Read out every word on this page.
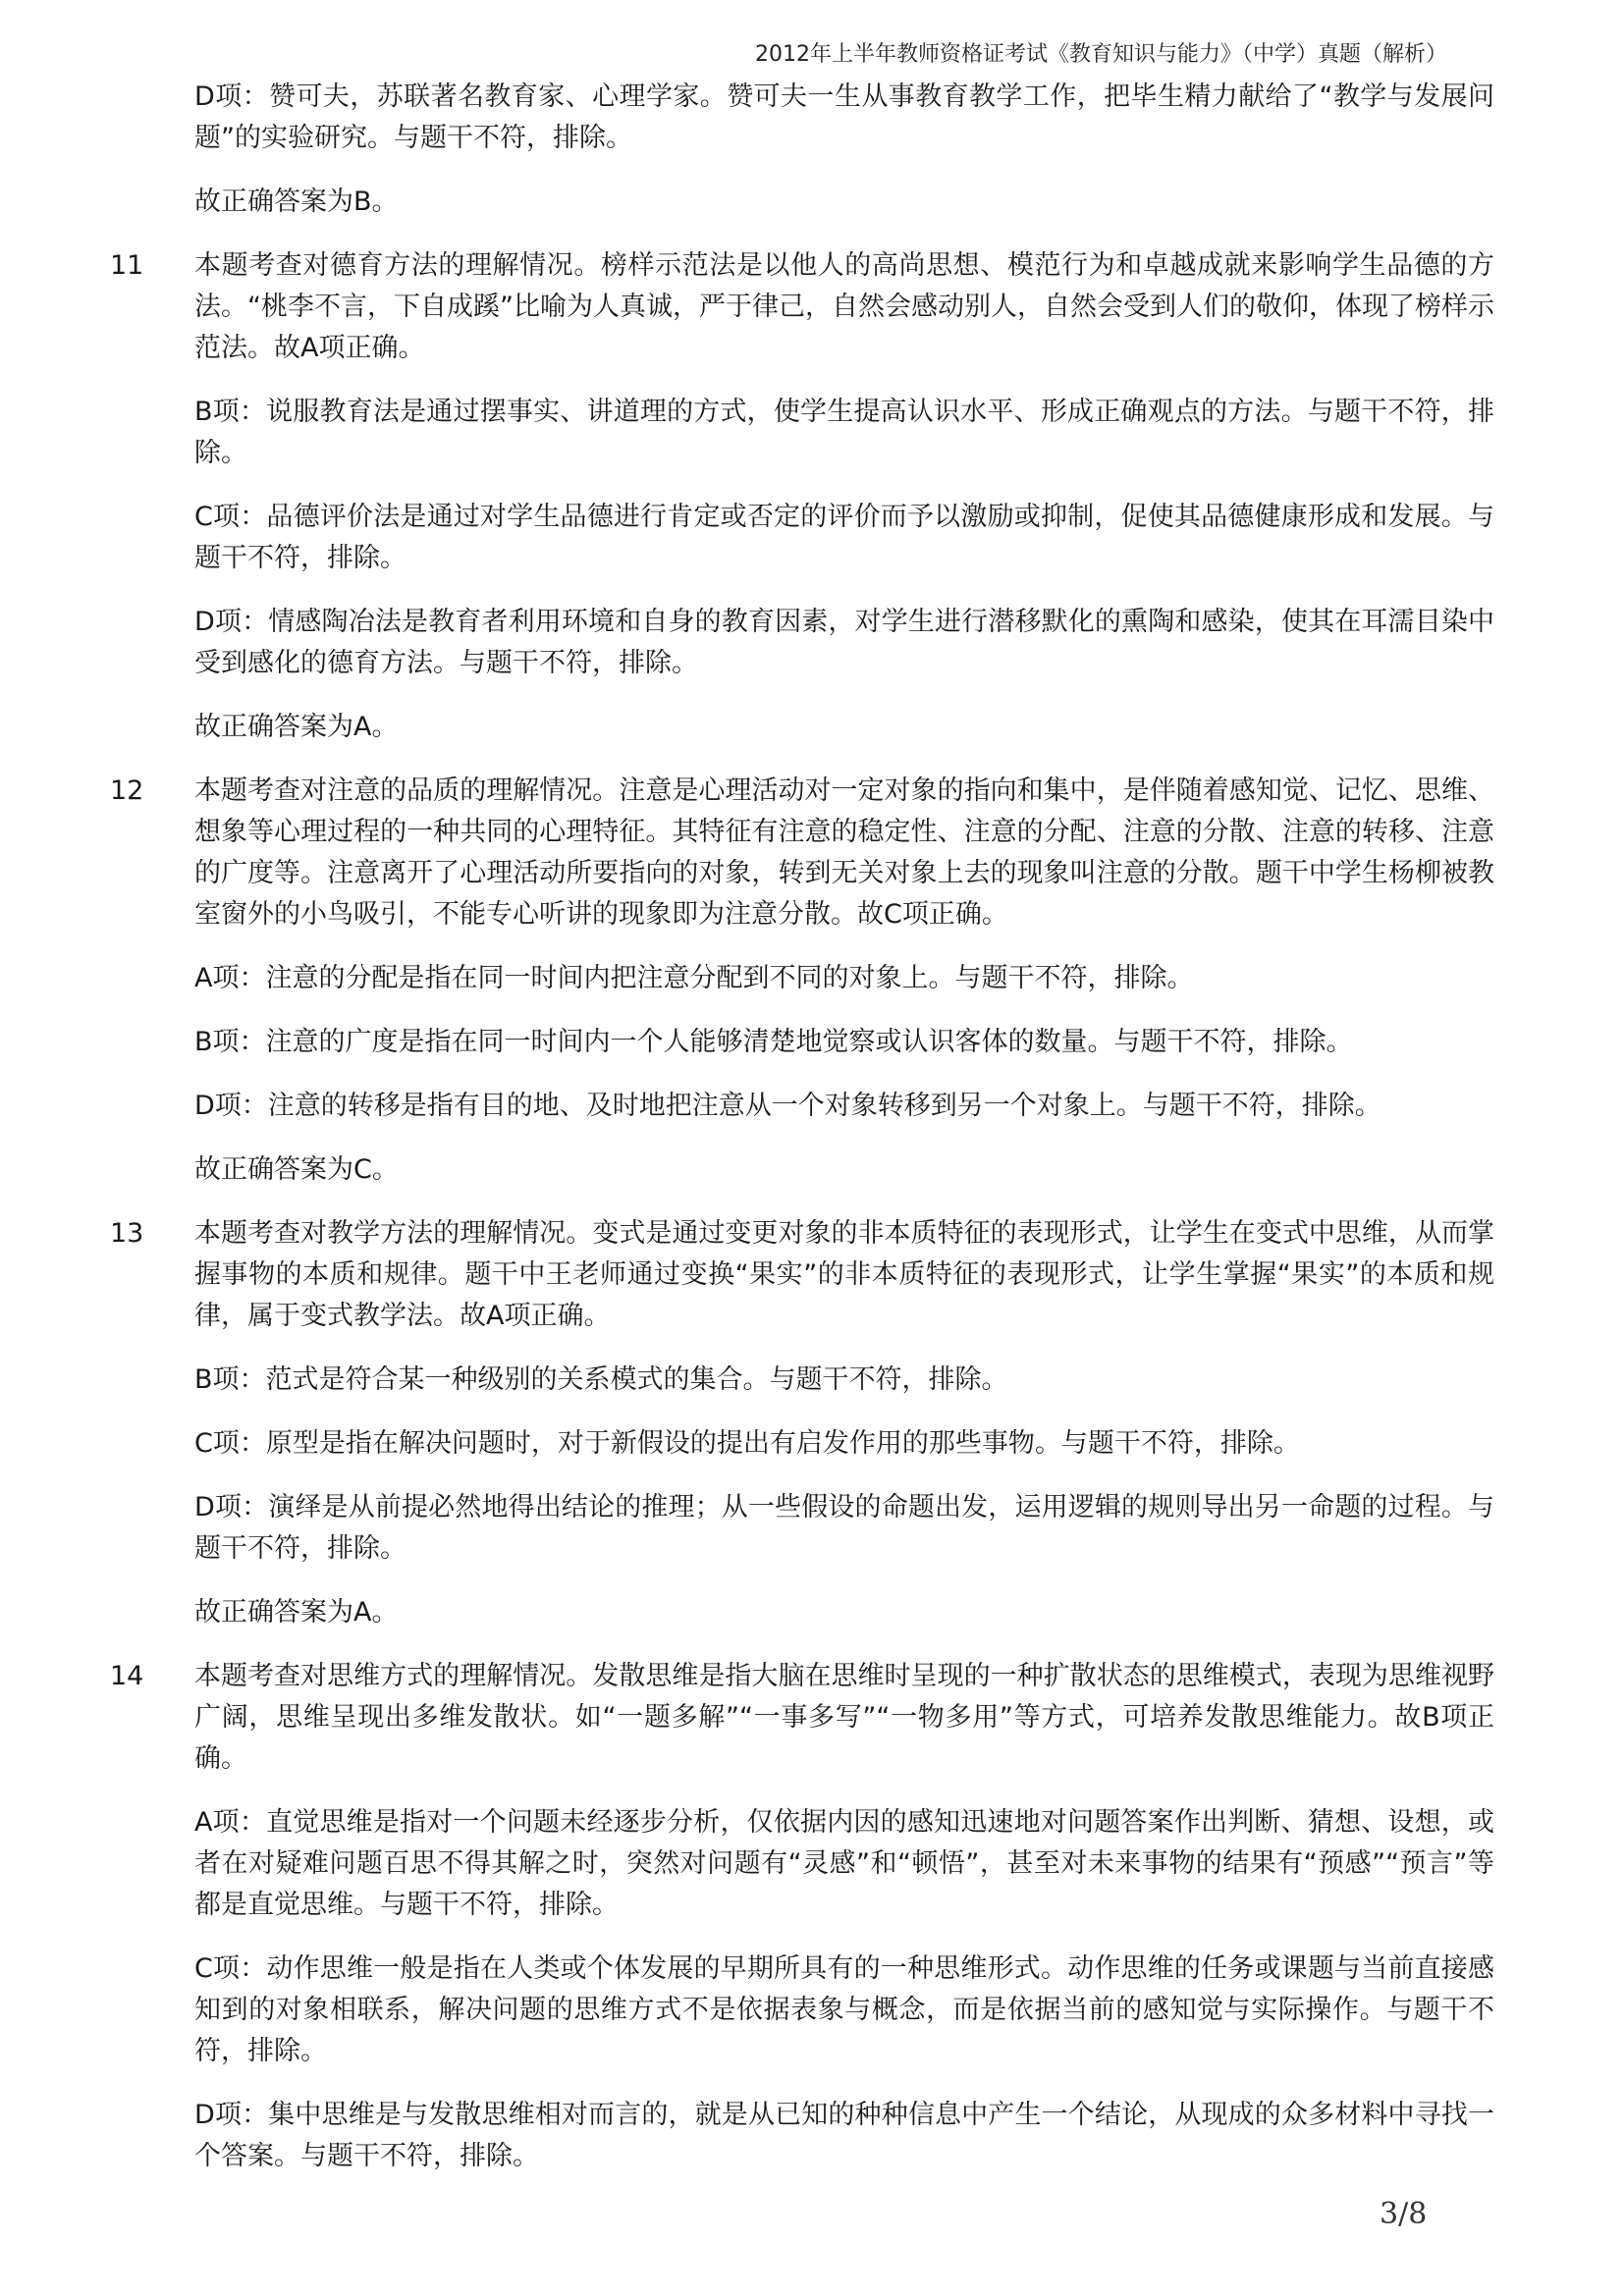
2012年上半年教师资格证考试《教育知识与能力》（中学）真题（解析）
D项：赞可夫，苏联著名教育家、心理学家。赞可夫一生从事教育教学工作，把毕生精力献给了“教学与发展问题”的实验研究。与题干不符，排除。
故正确答案为B。
11	本题考查对德育方法的理解情况。榜样示范法是以他人的高尚思想、模范行为和卓越成就来影响学生品德的方法。“桃李不言，下自成蹊”比喻为人真诚，严于律己，自然会感动别人，自然会受到人们的敬仰，体现了榜样示范法。故A项正确。
B项：说服教育法是通过摆事实、讲道理的方式，使学生提高认识水平、形成正确观点的方法。与题干不符，排除。
C项：品德评价法是通过对学生品德进行肯定或否定的评价而予以激励或抑制，促使其品德健康形成和发展。与题干不符，排除。
D项：情感陶冶法是教育者利用环境和自身的教育因素，对学生进行潜移默化的熏陶和感染，使其在耳濡目染中受到感化的德育方法。与题干不符，排除。
故正确答案为A。
12	本题考查对注意的品质的理解情况。注意是心理活动对一定对象的指向和集中，是伴随着感知觉、记忆、思维、想象等心理过程的一种共同的心理特征。其特征有注意的稳定性、注意的分配、注意的分散、注意的转移、注意的广度等。注意离开了心理活动所要指向的对象，转到无关对象上去的现象叫注意的分散。题干中学生杨柳被教室窗外的小鸟吸引，不能专心听讲的现象即为注意分散。故C项正确。
A项：注意的分配是指在同一时间内把注意分配到不同的对象上。与题干不符，排除。
B项：注意的广度是指在同一时间内一个人能够清楚地觉察或认识客体的数量。与题干不符，排除。
D项：注意的转移是指有目的地、及时地把注意从一个对象转移到另一个对象上。与题干不符，排除。
故正确答案为C。
13	本题考查对教学方法的理解情况。变式是通过变更对象的非本质特征的表现形式，让学生在变式中思维，从而掌握事物的本质和规律。题干中王老师通过变换“果实”的非本质特征的表现形式，让学生掌握“果实”的本质和规律，属于变式教学法。故A项正确。
B项：范式是符合某一种级别的关系模式的集合。与题干不符，排除。
C项：原型是指在解决问题时，对于新假设的提出有启发作用的那些事物。与题干不符，排除。
D项：演绎是从前提必然地得出结论的推理；从一些假设的命题出发，运用逻辑的规则导出另一命题的过程。与题干不符，排除。
故正确答案为A。
14	本题考查对思维方式的理解情况。发散思维是指大脑在思维时呈现的一种扩散状态的思维模式，表现为思维视野广阔，思维呈现出多维发散状。如“一题多解”“一事多写”“一物多用”等方式，可培养发散思维能力。故B项正确。
A项：直觉思维是指对一个问题未经逐步分析，仅依据内因的感知迅速地对问题答案作出判断、猜想、设想，或者在对疑难问题百思不得其解之时，突然对问题有“灵感”和“顿悟”，甚至对未来事物的结果有“预感”“预言”等都是直觉思维。与题干不符，排除。
C项：动作思维一般是指在人类或个体发展的早期所具有的一种思维形式。动作思维的任务或课题与当前直接感知到的对象相联系，解决问题的思维方式不是依据表象与概念，而是依据当前的感知觉与实际操作。与题干不符，排除。
D项：集中思维是与发散思维相对而言的，就是从已知的种种信息中产生一个结论，从现成的众多材料中寻找一个答案。与题干不符，排除。
3/8
